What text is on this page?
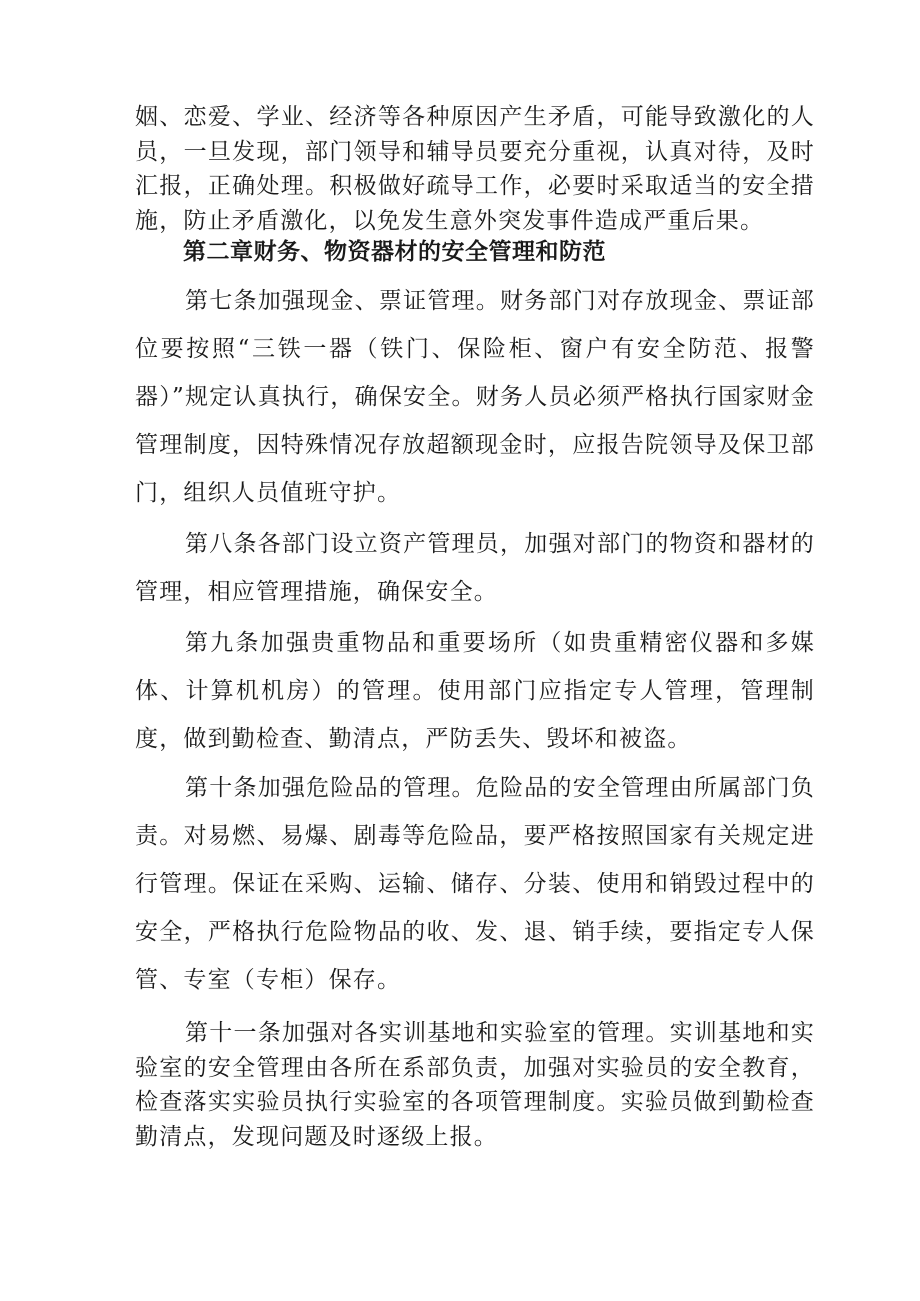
姻、恋爱、学业、经济等各种原因产生矛盾，可能导致激化的人员，一旦发现，部门领导和辅导员要充分重视，认真对待，及时汇报，正确处理。积极做好疏导工作，必要时采取适当的安全措施，防止矛盾激化，以免发生意外突发事件造成严重后果。

第二章财务、物资器材的安全管理和防范

第七条加强现金、票证管理。财务部门对存放现金、票证部位要按照“三铁一器（铁门、保险柜、窗户有安全防范、报警器）”规定认真执行，确保安全。财务人员必须严格执行国家财金管理制度，因特殊情况存放超额现金时，应报告院领导及保卫部门，组织人员值班守护。

第八条各部门设立资产管理员，加强对部门的物资和器材的管理，相应管理措施，确保安全。

第九条加强贵重物品和重要场所（如贵重精密仪器和多媒体、计算机机房）的管理。使用部门应指定专人管理，管理制度，做到勤检查、勤清点，严防丢失、毁坏和被盗。

第十条加强危险品的管理。危险品的安全管理由所属部门负责。对易燃、易爆、剧毒等危险品，要严格按照国家有关规定进行管理。保证在采购、运输、储存、分装、使用和销毁过程中的安全，严格执行危险物品的收、发、退、销手续，要指定专人保管、专室（专柜）保存。

第十一条加强对各实训基地和实验室的管理。实训基地和实验室的安全管理由各所在系部负责，加强对实验员的安全教育，检查落实实验员执行实验室的各项管理制度。实验员做到勤检查勤清点，发现问题及时逐级上报。
